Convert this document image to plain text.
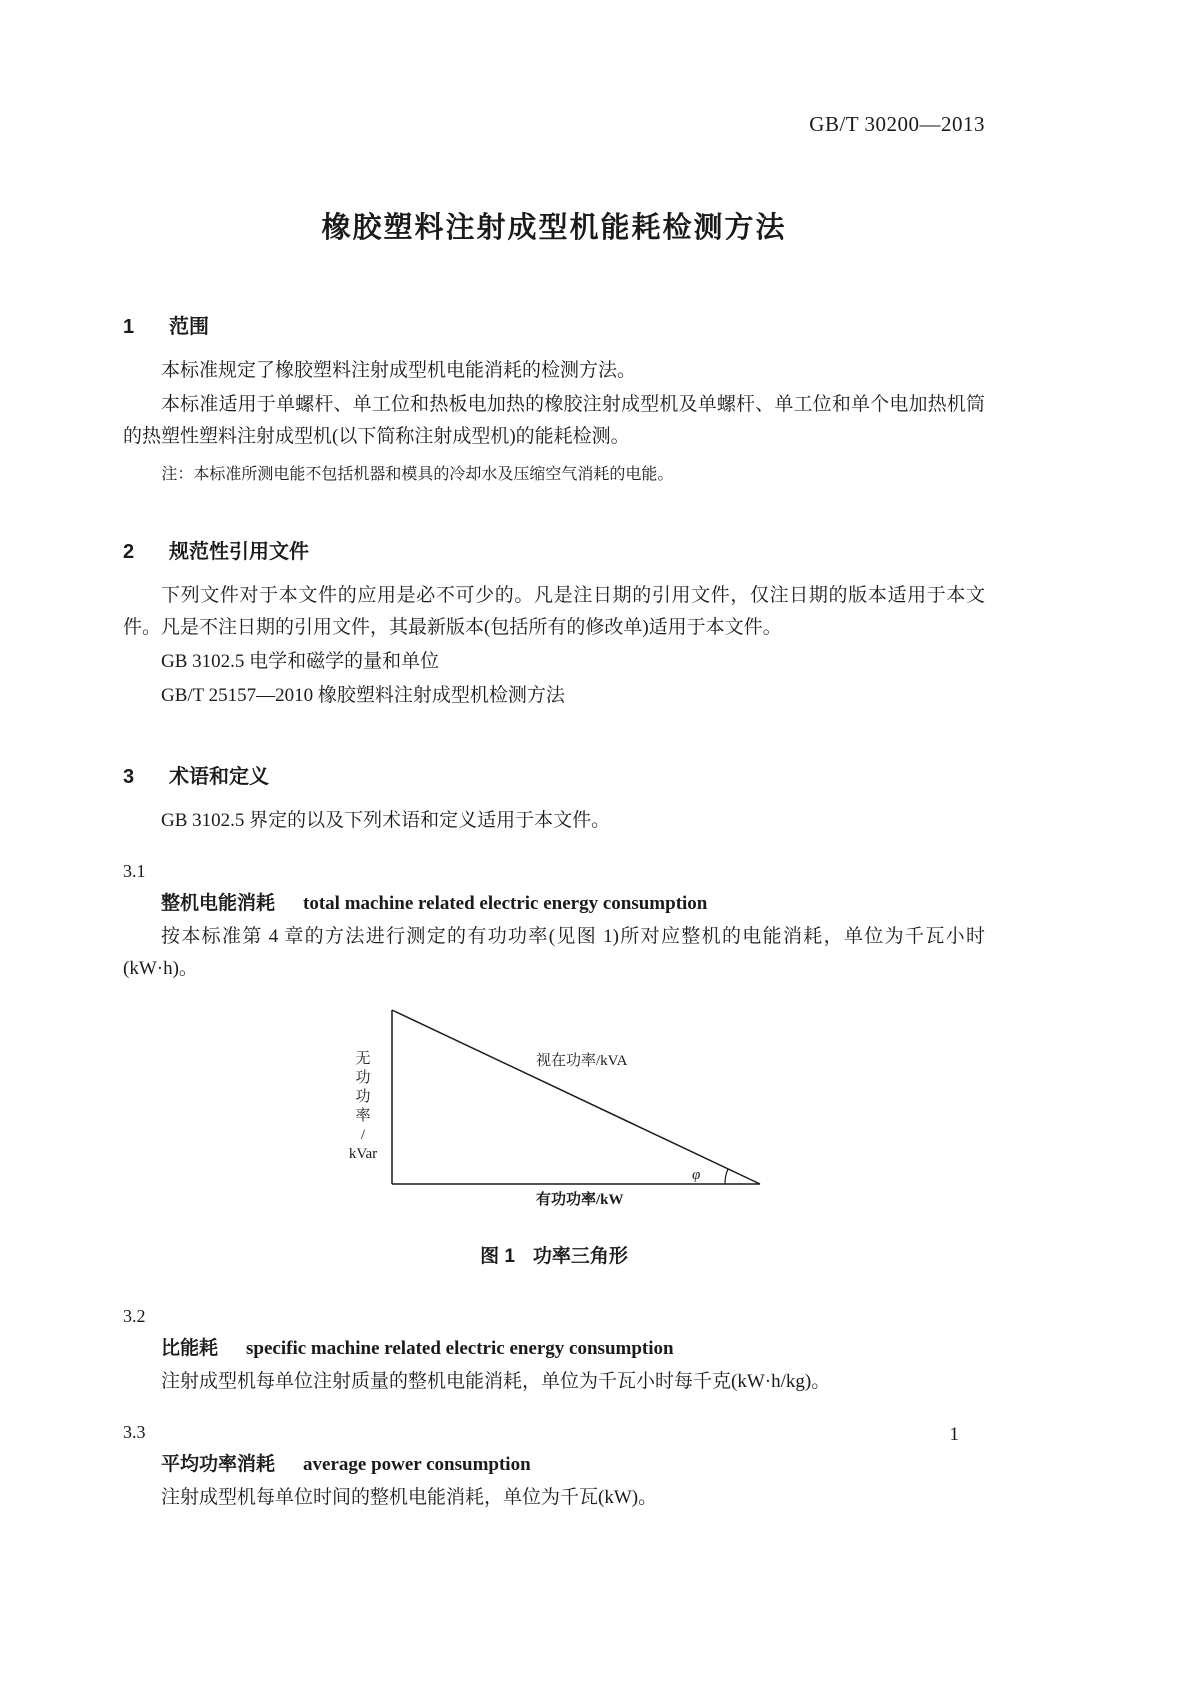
GB/T 30200—2013
橡胶塑料注射成型机能耗检测方法
1	范围

本标准规定了橡胶塑料注射成型机电能消耗的检测方法。

本标准适用于单螺杆、单工位和热板电加热的橡胶注射成型机及单螺杆、单工位和单个电加热机筒的热塑性塑料注射成型机(以下简称注射成型机)的能耗检测。

注：本标准所测电能不包括机器和模具的冷却水及压缩空气消耗的电能。

2	规范性引用文件

下列文件对于本文件的应用是必不可少的。凡是注日期的引用文件，仅注日期的版本适用于本文件。凡是不注日期的引用文件，其最新版本(包括所有的修改单)适用于本文件。

GB 3102.5 电学和磁学的量和单位

GB/T 25157—2010 橡胶塑料注射成型机检测方法

3	术语和定义

GB 3102.5 界定的以及下列术语和定义适用于本文件。

3.1
整机电能消耗 total machine related electric energy consumption

按本标准第 4 章的方法进行测定的有功功率(见图 1)所对应整机的电能消耗，单位为千瓦小时(kW·h)。

无功功率
/
kVar
视在功率/kVA
有功功率/kW
φ
图 1 功率三角形
3.2
比能耗 specific machine related electric energy consumption

注射成型机每单位注射质量的整机电能消耗，单位为千瓦小时每千克(kW·h/kg)。

3.3
平均功率消耗 average power consumption

注射成型机每单位时间的整机电能消耗，单位为千瓦(kW)。

1
